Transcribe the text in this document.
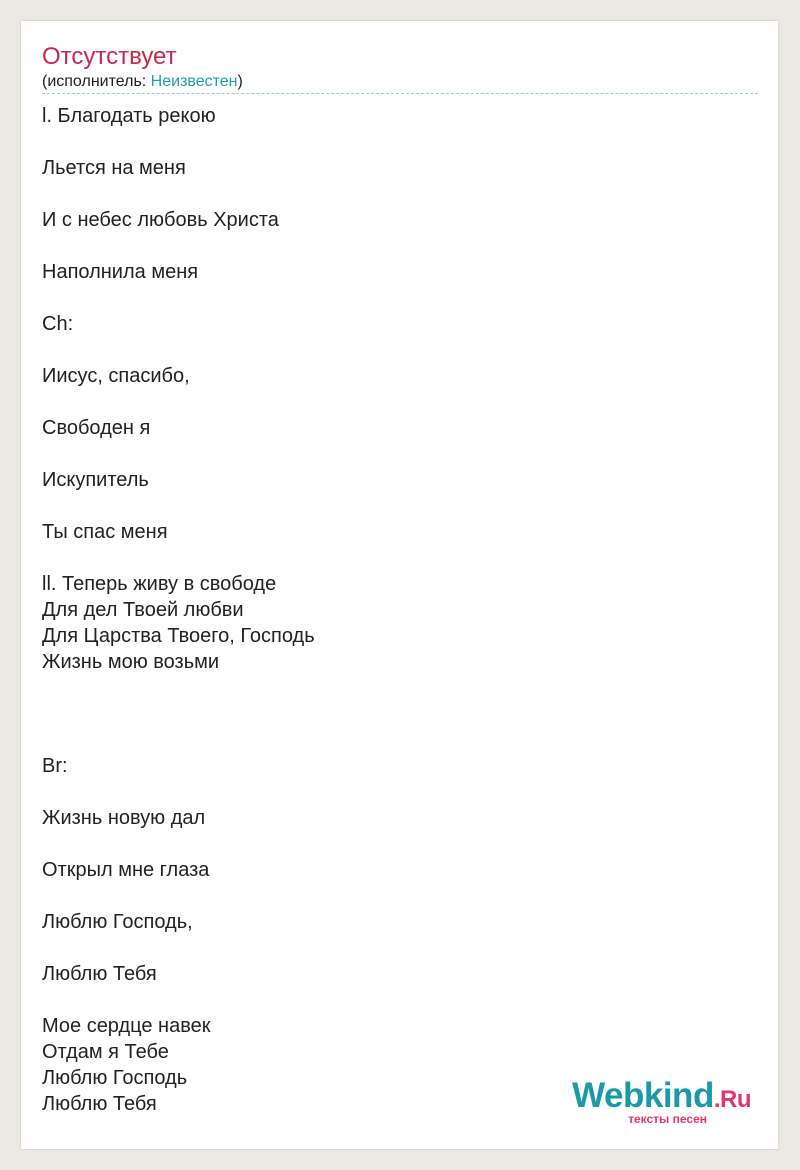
Отсутствует
(исполнитель: Неизвестен)
l. Благодать рекою
Льется на меня
И с небес любовь Христа
Наполнила меня
Ch:
Иисус, спасибо,
Свободен я
Искупитель
Ты спас меня
ll. Теперь живу в свободе
Для дел Твоей любви
Для Царства Твоего, Господь
Жизнь мою возьми
Br:
Жизнь новую дал
Открыл мне глаза
Люблю Господь,
Люблю Тебя
Мое сердце навек
Отдам я Тебе
Люблю Господь
Люблю Тебя	Webkind.Ru
тексты песен
